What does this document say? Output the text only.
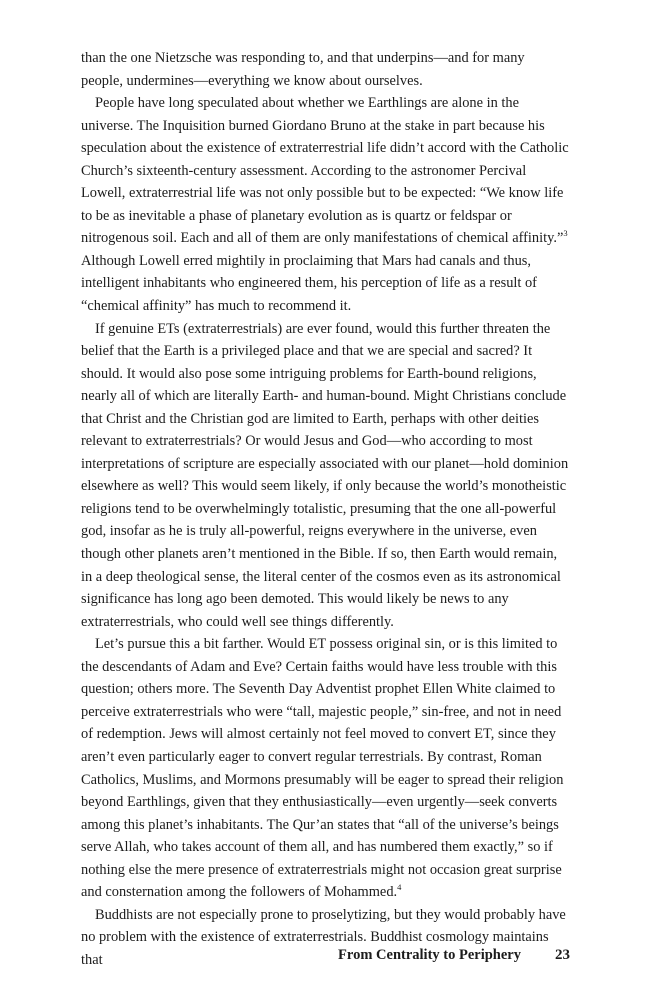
than the one Nietzsche was responding to, and that underpins—and for many people, undermines—everything we know about ourselves.

People have long speculated about whether we Earthlings are alone in the universe. The Inquisition burned Giordano Bruno at the stake in part because his speculation about the existence of extraterrestrial life didn’t accord with the Catholic Church’s sixteenth-century assessment. According to the astronomer Percival Lowell, extraterrestrial life was not only possible but to be expected: “We know life to be as inevitable a phase of planetary evolution as is quartz or feldspar or nitrogenous soil. Each and all of them are only manifestations of chemical affinity.”$^3$ Although Lowell erred mightily in proclaiming that Mars had canals and thus, intelligent inhabitants who engineered them, his perception of life as a result of “chemical affinity” has much to recommend it.

If genuine ETs (extraterrestrials) are ever found, would this further threaten the belief that the Earth is a privileged place and that we are special and sacred? It should. It would also pose some intriguing problems for Earth-bound religions, nearly all of which are literally Earth- and human-bound. Might Christians conclude that Christ and the Christian god are limited to Earth, perhaps with other deities relevant to extraterrestrials? Or would Jesus and God—who according to most interpretations of scripture are especially associated with our planet—hold dominion elsewhere as well? This would seem likely, if only because the world’s monotheistic religions tend to be overwhelmingly totalistic, presuming that the one all-powerful god, insofar as he is truly all-powerful, reigns everywhere in the universe, even though other planets aren’t mentioned in the Bible. If so, then Earth would remain, in a deep theological sense, the literal center of the cosmos even as its astronomical significance has long ago been demoted. This would likely be news to any extraterrestrials, who could well see things differently.

Let’s pursue this a bit farther. Would ET possess original sin, or is this limited to the descendants of Adam and Eve? Certain faiths would have less trouble with this question; others more. The Seventh Day Adventist prophet Ellen White claimed to perceive extraterrestrials who were “tall, majestic people,” sin-free, and not in need of redemption. Jews will almost certainly not feel moved to convert ET, since they aren’t even particularly eager to convert regular terrestrials. By contrast, Roman Catholics, Muslims, and Mormons presumably will be eager to spread their religion beyond Earthlings, given that they enthusiastically—even urgently—seek converts among this planet’s inhabitants. The Qur’an states that “all of the universe’s beings serve Allah, who takes account of them all, and has numbered them exactly,” so if nothing else the mere presence of extraterrestrials might not occasion great surprise and consternation among the followers of Mohammed.$^4$

Buddhists are not especially prone to proselytizing, but they would probably have no problem with the existence of extraterrestrials. Buddhist cosmology maintains that	From Centrality to Periphery 23
